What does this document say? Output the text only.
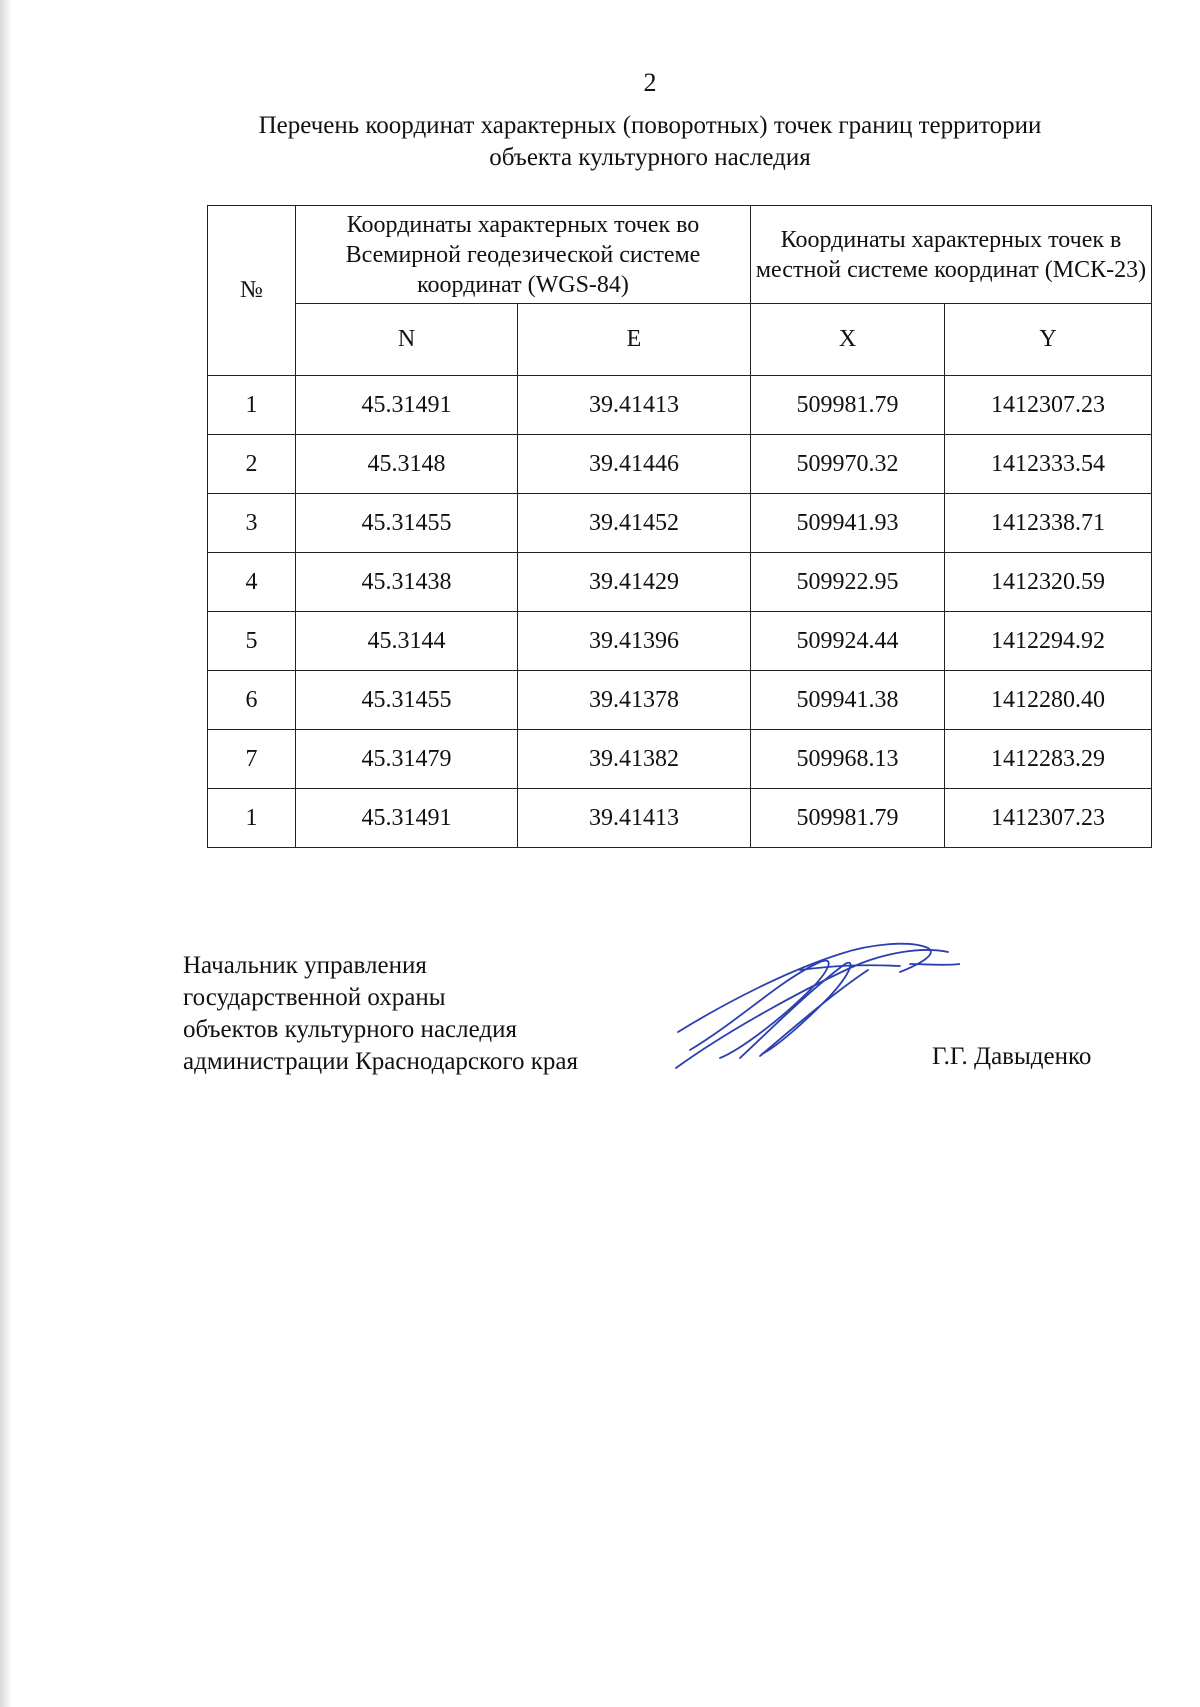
2
Перечень координат характерных (поворотных) точек границ территории
объекта культурного наследия
№	Координаты характерных точек во Всемирной геодезической системе координат (WGS-84)		Координаты характерных точек в местной системе координат (МСК-23)	
	N	E	X	Y
1	45.31491	39.41413	509981.79	1412307.23
2	45.3148	39.41446	509970.32	1412333.54
3	45.31455	39.41452	509941.93	1412338.71
4	45.31438	39.41429	509922.95	1412320.59
5	45.3144	39.41396	509924.44	1412294.92
6	45.31455	39.41378	509941.38	1412280.40
7	45.31479	39.41382	509968.13	1412283.29
1	45.31491	39.41413	509981.79	1412307.23
Начальник управления
государственной охраны
объектов культурного наследия
администрации Краснодарского края	Г.Г. Давыденко
